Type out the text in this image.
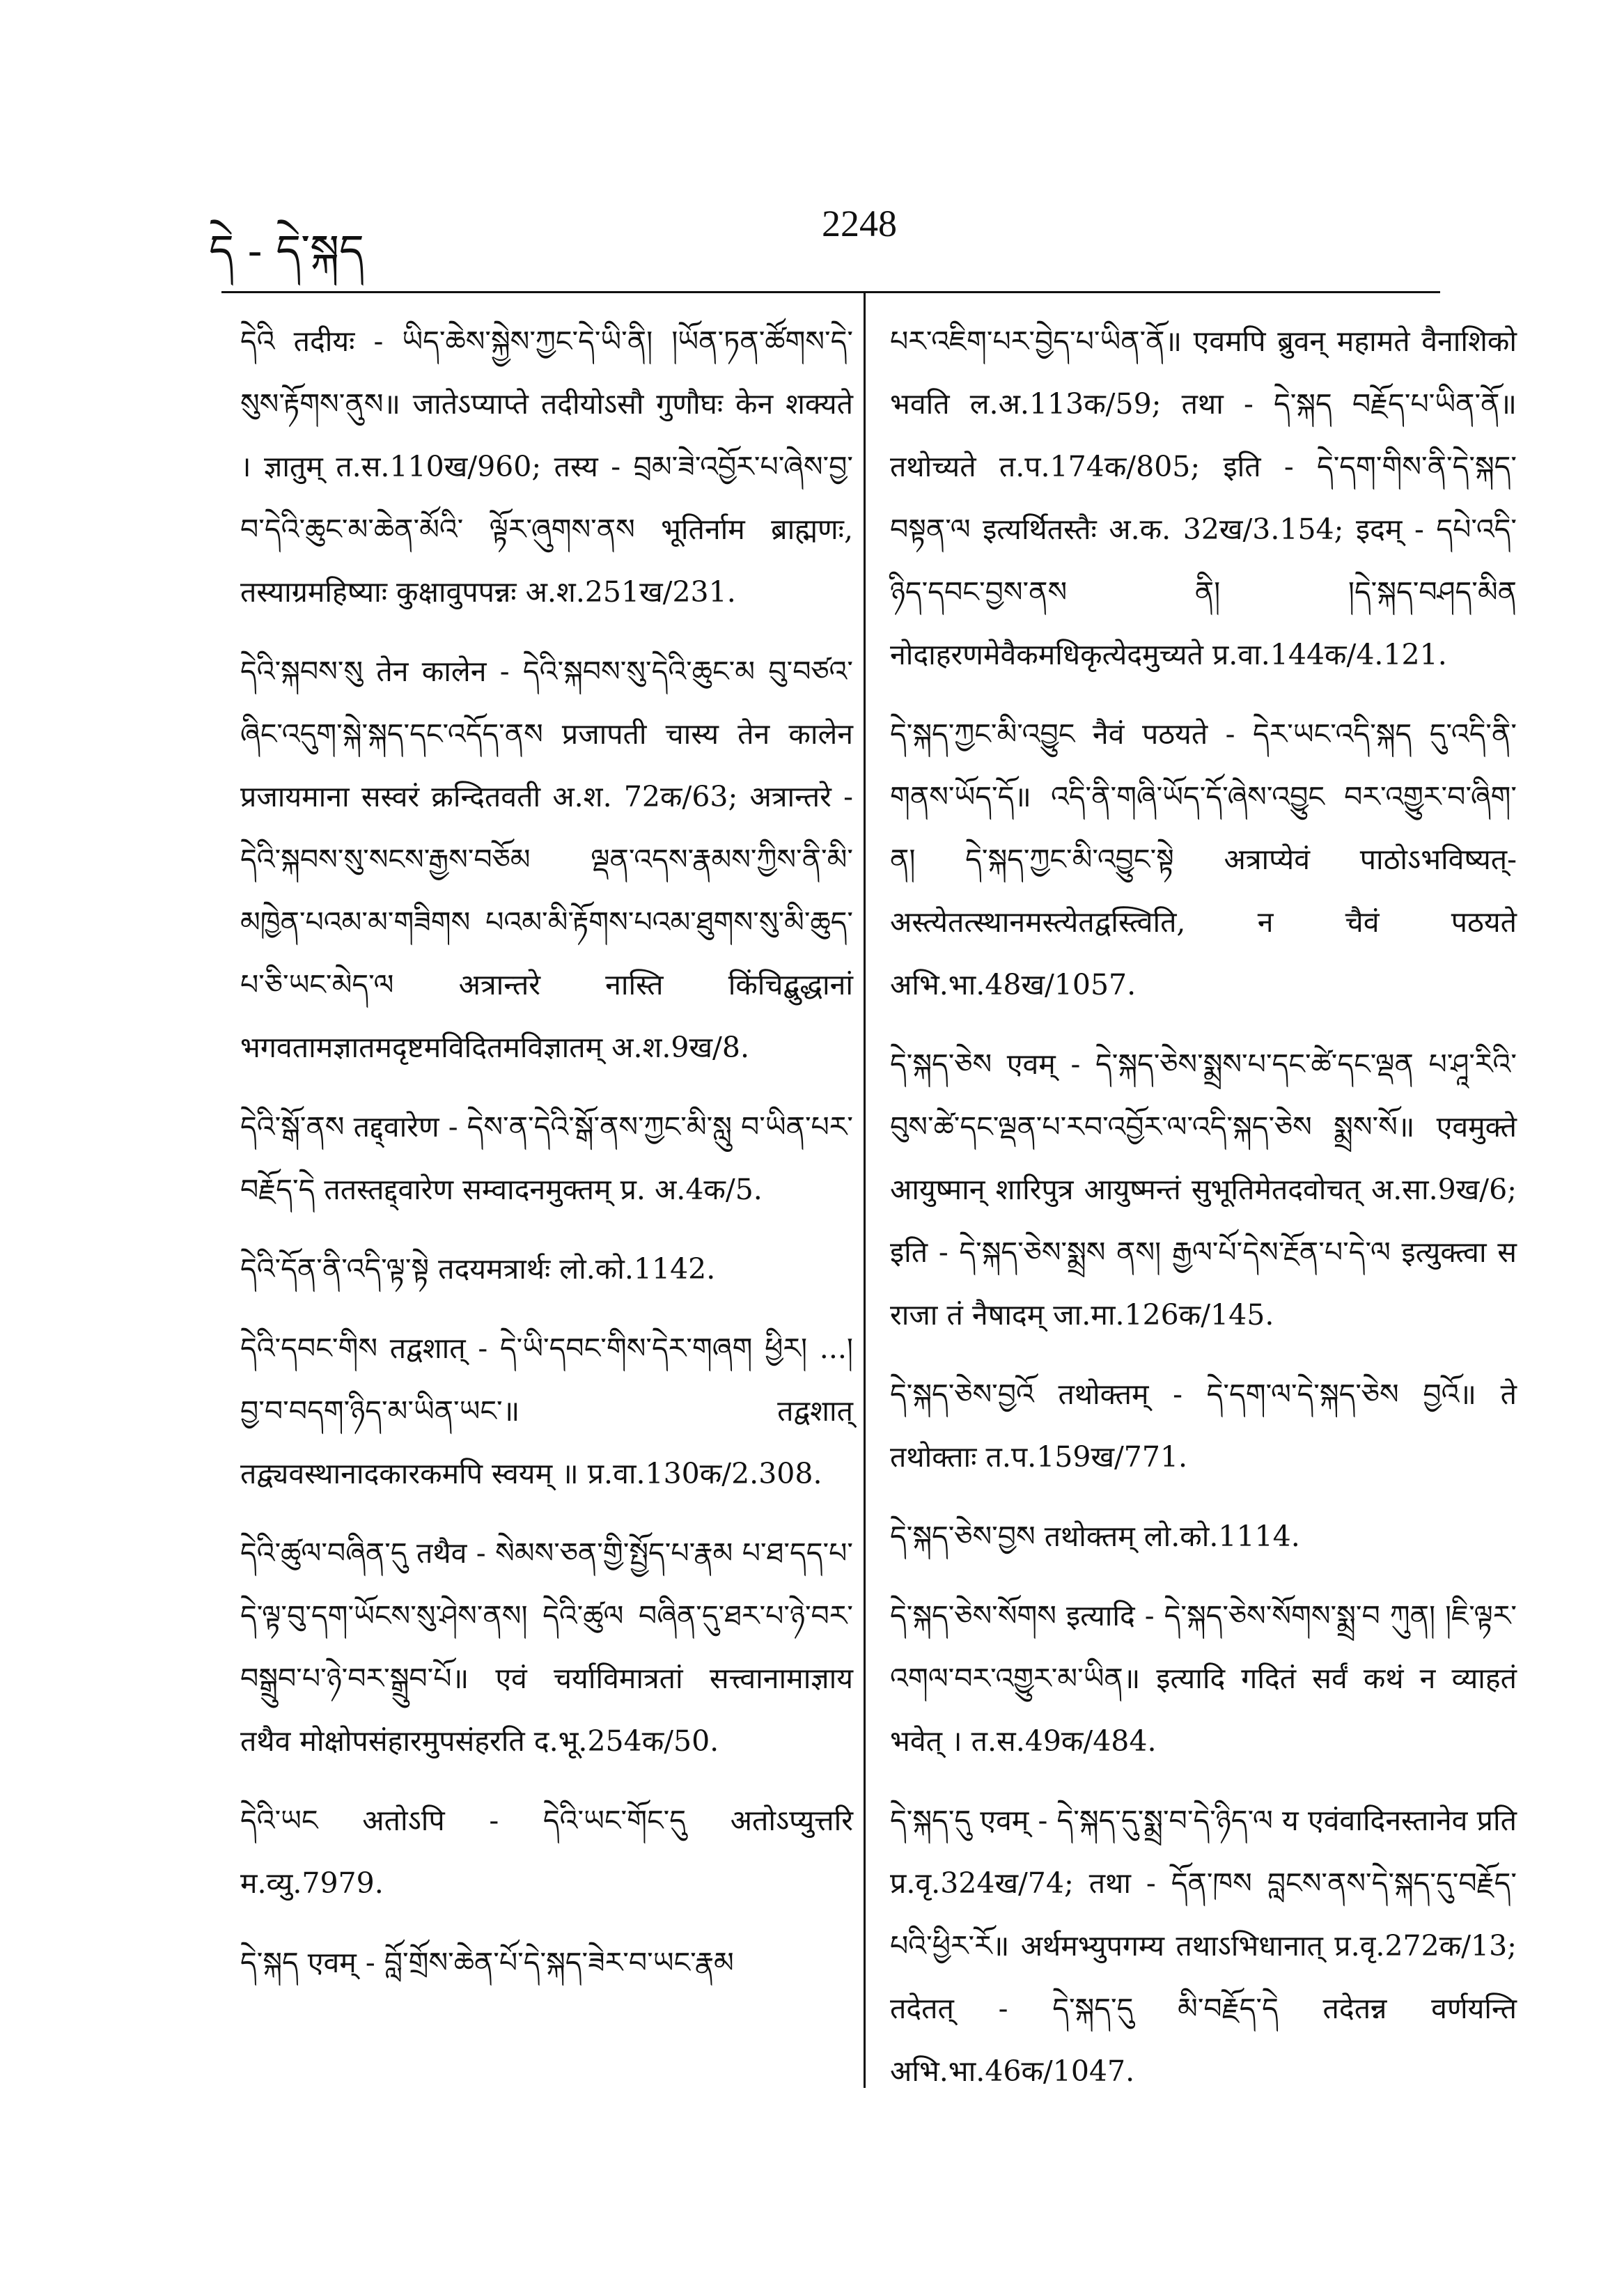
དེ - དེ་སྐད
2248

དེའི तदीयः - ཡིད་ཆེས་སྐྱེས་ཀྱང་དེ་ཡི་ནི། །ཡོན་ཏན་ཚོགས་དེ་ སུས་རྟོགས་ནུས॥ जातेऽप्याप्ते तदीयोऽसौ गुणौघः केन शक्यते । ज्ञातुम् त.स.110ख/960; तस्य - བྲམ་ཟེ་འབྱོར་པ་ཞེས་བྱ་བ་དེའི་ཆུང་མ་ཆེན་མོའི་ ལྟོར་ཞུགས་ནས भूतिर्नाम ब्राह्मणः, तस्याग्रमहिष्याः कुक्षावुपपन्नः अ.श.251ख/231.

དེའི་སྐབས་སུ तेन कालेन - དེའི་སྐབས་སུ་དེའི་ཆུང་མ བུ་བཙའ་ཞིང་འདུག་སྐེ་སྐད་དང་འདོད་ནས प्रजापती चास्य तेन कालेन प्रजायमाना सस्वरं क्रन्दितवती अ.श. 72क/63; अत्रान्तरे - དེའི་སྐབས་སུ་སངས་རྒྱས་བཅོམ ལྡན་འདས་རྣམས་ཀྱིས་ནི་མི་མཁྱེན་པའམ་མ་གཟིགས པའམ་མི་རྟོགས་པའམ་ཐུགས་སུ་མི་ཆུད་པ་ཅི་ཡང་མེད་ལ अत्रान्तरे नास्ति किंचिद्बुद्धानां भगवतामज्ञातमदृष्टमविदितमविज्ञातम् अ.श.9ख/8.

དེའི་སྒོ་ནས तद्द्वारेण - དེས་ན་དེའི་སྒོ་ནས་ཀྱང་མི་སླུ བ་ཡིན་པར་བརྗོད་དེ ततस्तद्द्वारेण सम्वादनमुक्तम् प्र. अ.4क/5.

དེའི་དོན་ནི་འདི་ལྟ་སྟེ तदयमत्रार्थः लो.को.1142.

དེའི་དབང་གིས तद्वशात् - དེ་ཡི་དབང་གིས་དེར་གཞག ཕྱིར། ...།བྱ་བ་བདག་ཉིད་མ་ཡིན་ཡང་॥ तद्वशात् तद्व्यवस्थानादकारकमपि स्वयम् ॥ प्र.वा.130क/2.308.

དེའི་ཚུལ་བཞིན་དུ तथैव - སེམས་ཅན་གྱི་སྤྱོད་པ་རྣམ པ་ཐ་དད་པ་དེ་ལྟ་བུ་དག་ཡོངས་སུ་ཤེས་ནས། དེའི་ཚུལ བཞིན་དུ་ཐར་པ་ཉེ་བར་བསྒྲུབ་པ་ཉེ་བར་སྒྲུབ་པོ॥ एवं चर्याविमात्रतां सत्त्वानामाज्ञाय तथैव मोक्षोपसंहारमुपसंहरति द.भू.254क/50.

དེའི་ཡང अतोऽपि - དེའི་ཡང་གོང་དུ अतोऽप्युत्तरि म.व्यु.7979.

དེ་སྐད एवम् - བློ་གྲོས་ཆེན་པོ་དེ་སྐད་ཟེར་བ་ཡང་རྣམ

པར་འཇིག་པར་བྱེད་པ་ཡིན་ནོ॥ एवमपि ब्रुवन् महामते वैनाशिको भवति ल.अ.113क/59; तथा - དེ་སྐད བརྗོད་པ་ཡིན་ནོ॥ तथोच्यते त.प.174क/805; इति - དེ་དག་གིས་ནི་དེ་སྐད་བསྟན་ལ इत्यर्थितस्तैः अ.क. 32ख/3.154; इदम् - དཔེ་འདི་ཉིད་དབང་བྱས་ནས ནི། །དེ་སྐད་བཤད་མིན नोदाहरणमेवैकमधिकृत्येदमुच्यते प्र.वा.144क/4.121.

དེ་སྐད་ཀྱང་མི་འབྱུང नैवं पठयते - དེར་ཡང་འདི་སྐད དུ་འདི་ནི་གནས་ཡོད་དོ॥ འདི་ནི་གཞི་ཡོད་དོ་ཞེས་འབྱུང བར་འགྱུར་བ་ཞིག་ན། དེ་སྐད་ཀྱང་མི་འབྱུང་སྟེ अत्राप्येवं पाठोऽभविष्यत्-अस्त्येतत्स्थानमस्त्येतद्वस्त्विति, न चैवं पठयते अभि.भा.48ख/1057.

དེ་སྐད་ཅེས एवम् - དེ་སྐད་ཅེས་སྨྲས་པ་དང་ཚེ་དང་ལྡན པ་ཤཱ་རིའི་བུས་ཚེ་དང་ལྡན་པ་རབ་འབྱོར་ལ་འདི་སྐད་ཅེས སྨྲས་སོ॥ एवमुक्ते आयुष्मान् शारिपुत्र आयुष्मन्तं सुभूतिमेतदवोचत् अ.सा.9ख/6; इति - དེ་སྐད་ཅེས་སྨྲས ནས། རྒྱལ་པོ་དེས་རྔོན་པ་དེ་ལ इत्युक्त्वा स राजा तं नैषादम् जा.मा.126क/145.

དེ་སྐད་ཅེས་བྱའོ तथोक्तम् - དེ་དག་ལ་དེ་སྐད་ཅེས བྱའོ॥ ते तथोक्ताः त.प.159ख/771.

དེ་སྐད་ཅེས་བྱས तथोक्तम् लो.को.1114.

དེ་སྐད་ཅེས་སོགས इत्यादि - དེ་སྐད་ཅེས་སོགས་སྨྲ་བ ཀུན། །ཇི་ལྟར་འགལ་བར་འགྱུར་མ་ཡིན॥ इत्यादि गदितं सर्वं कथं न व्याहतं भवेत् । त.स.49क/484.

དེ་སྐད་དུ एवम् - དེ་སྐད་དུ་སྨྲ་བ་དེ་ཉིད་ལ य एवंवादिनस्तानेव प्रति प्र.वृ.324ख/74; तथा - དོན་ཁས བླངས་ནས་དེ་སྐད་དུ་བརྗོད་པའི་ཕྱིར་རོ॥ अर्थमभ्युपगम्य तथाऽभिधानात् प्र.वृ.272क/13; तदेतत् - དེ་སྐད་དུ མི་བརྗོད་དེ तदेतन्न वर्णयन्ति अभि.भा.46क/1047.
